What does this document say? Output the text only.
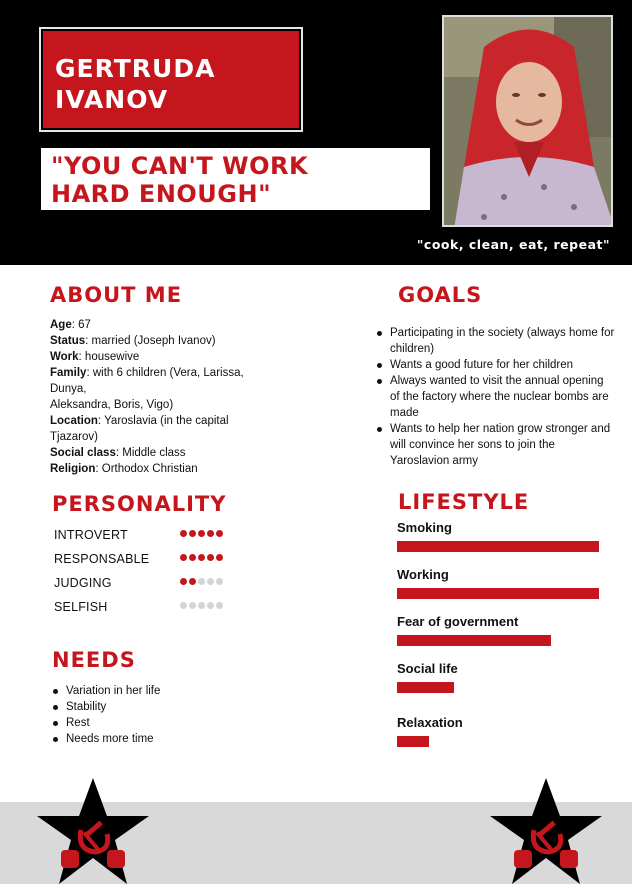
GERTRUDA
IVANOV
"YOU CAN'T WORK
HARD ENOUGH"
"cook, clean, eat, repeat"
ABOUT ME
Age: 67
Status: married (Joseph Ivanov)
Work: housewive
Family: with 6 children (Vera, Larissa, Dunya,
Aleksandra, Boris, Vigo)
Location: Yaroslavia (in the capital Tjazarov)
Social class: Middle class
Religion: Orthodox Christian
GOALS
Participating in the society (always home for children)
Wants a good future for her children
Always wanted to visit the annual opening of the factory where the nuclear bombs are made
Wants to help her nation grow stronger and will convince her sons to join the Yaroslavion army
PERSONALITY
INTROVERT
RESPONSABLE
JUDGING
SELFISH
NEEDS
Variation in her life
Stability
Rest
Needs more time
LIFESTYLE
Smoking
Working
Fear of government
Social life
Relaxation
